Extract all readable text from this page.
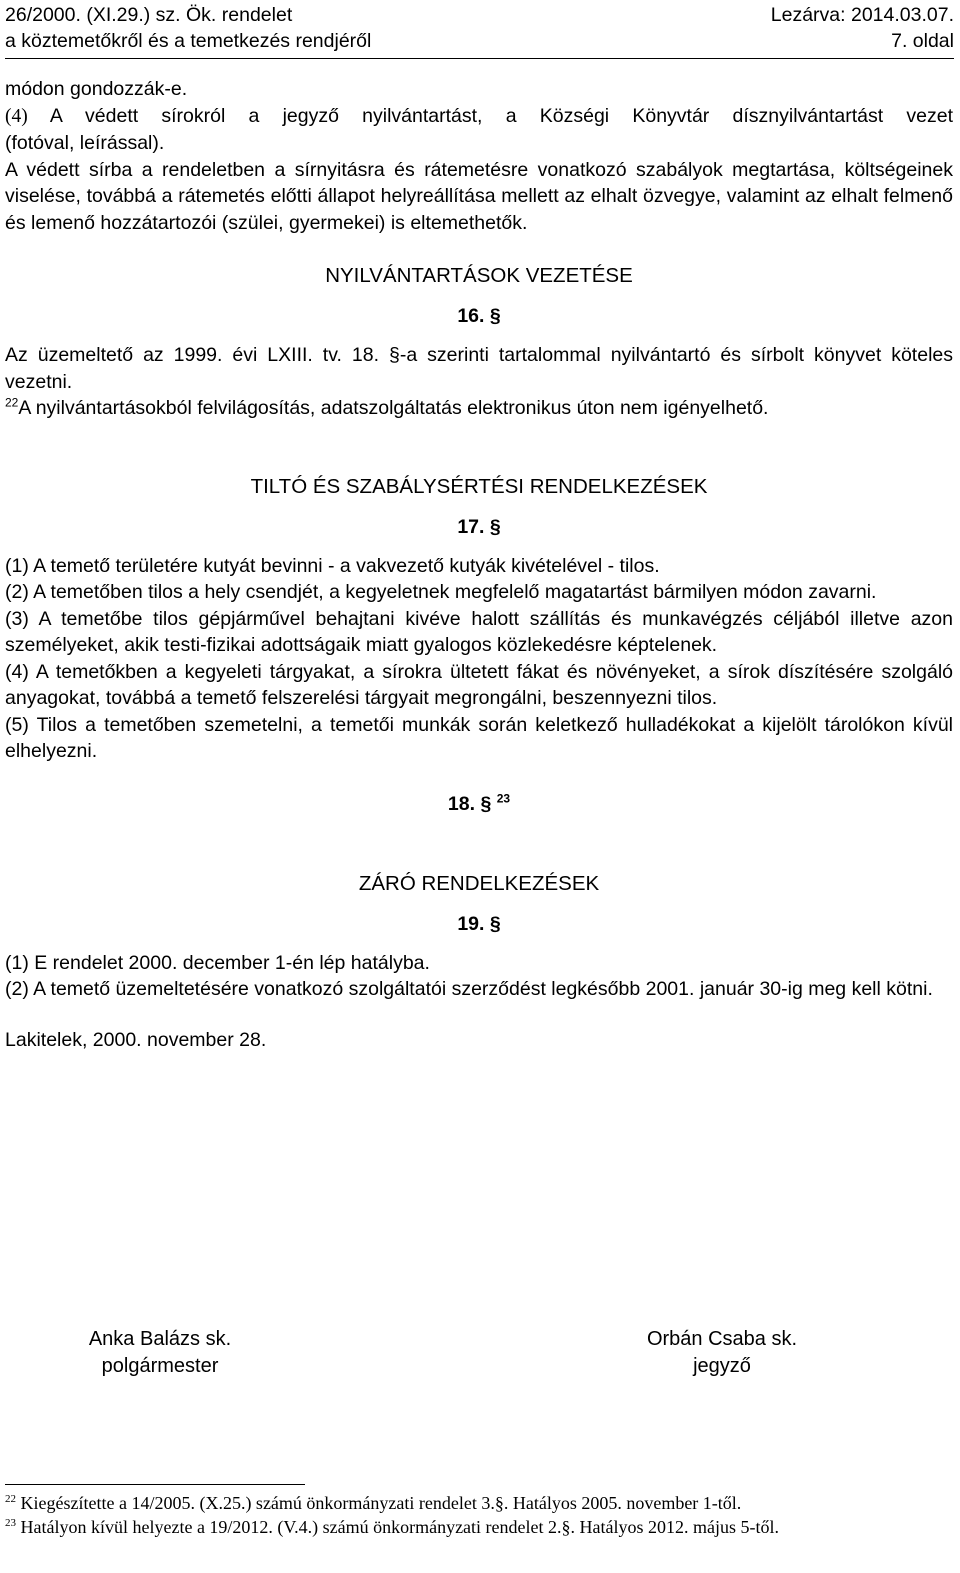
26/2000. (XI.29.) sz. Ök. rendelet	Lezárva: 2014.03.07.
a köztemetőkről és a temetkezés rendjéről	7. oldal

módon gondozzák-e.

(4) A védett sírokról a jegyző nyilvántartást, a Községi Könyvtár dísznyilvántartást vezet

(fotóval, leírással).

A védett sírba a rendeletben a sírnyitásra és rátemetésre vonatkozó szabályok megtartása, költségeinek viselése, továbbá a rátemetés előtti állapot helyreállítása mellett az elhalt özvegye, valamint az elhalt felmenő és lemenő hozzátartozói (szülei, gyermekei) is eltemethetők.

NYILVÁNTARTÁSOK VEZETÉSE
16. §

Az üzemeltető az 1999. évi LXIII. tv. 18. §-a szerinti tartalommal nyilvántartó és sírbolt könyvet köteles vezetni.

$^{22}$A nyilvántartásokból felvilágosítás, adatszolgáltatás elektronikus úton nem igényelhető.

TILTÓ ÉS SZABÁLYSÉRTÉSI RENDELKEZÉSEK
17. §

(1) A temető területére kutyát bevinni - a vakvezető kutyák kivételével - tilos.

(2) A temetőben tilos a hely csendjét, a kegyeletnek megfelelő magatartást bármilyen módon zavarni.

(3) A temetőbe tilos gépjárművel behajtani kivéve halott szállítás és munkavégzés céljából illetve azon személyeket, akik testi-fizikai adottságaik miatt gyalogos közlekedésre képtelenek.

(4) A temetőkben a kegyeleti tárgyakat, a sírokra ültetett fákat és növényeket, a sírok díszítésére szolgáló anyagokat, továbbá a temető felszerelési tárgyait megrongálni, beszennyezni tilos.

(5) Tilos a temetőben szemetelni, a temetői munkák során keletkező hulladékokat a kijelölt tárolókon kívül elhelyezni.

18. § $^{23}$
ZÁRÓ RENDELKEZÉSEK
19. §

(1) E rendelet 2000. december 1-én lép hatályba.

(2) A temető üzemeltetésére vonatkozó szolgáltatói szerződést legkésőbb 2001. január 30-ig meg kell kötni.

Lakitelek, 2000. november 28.

Anka Balázs sk.
polgármester
Orbán Csaba sk.
jegyző
$^{22}$ Kiegészítette a 14/2005. (X.25.) számú önkormányzati rendelet 3.§. Hatályos 2005. november 1-től.
$^{23}$ Hatályon kívül helyezte a 19/2012. (V.4.) számú önkormányzati rendelet 2.§. Hatályos 2012. május 5-től.
